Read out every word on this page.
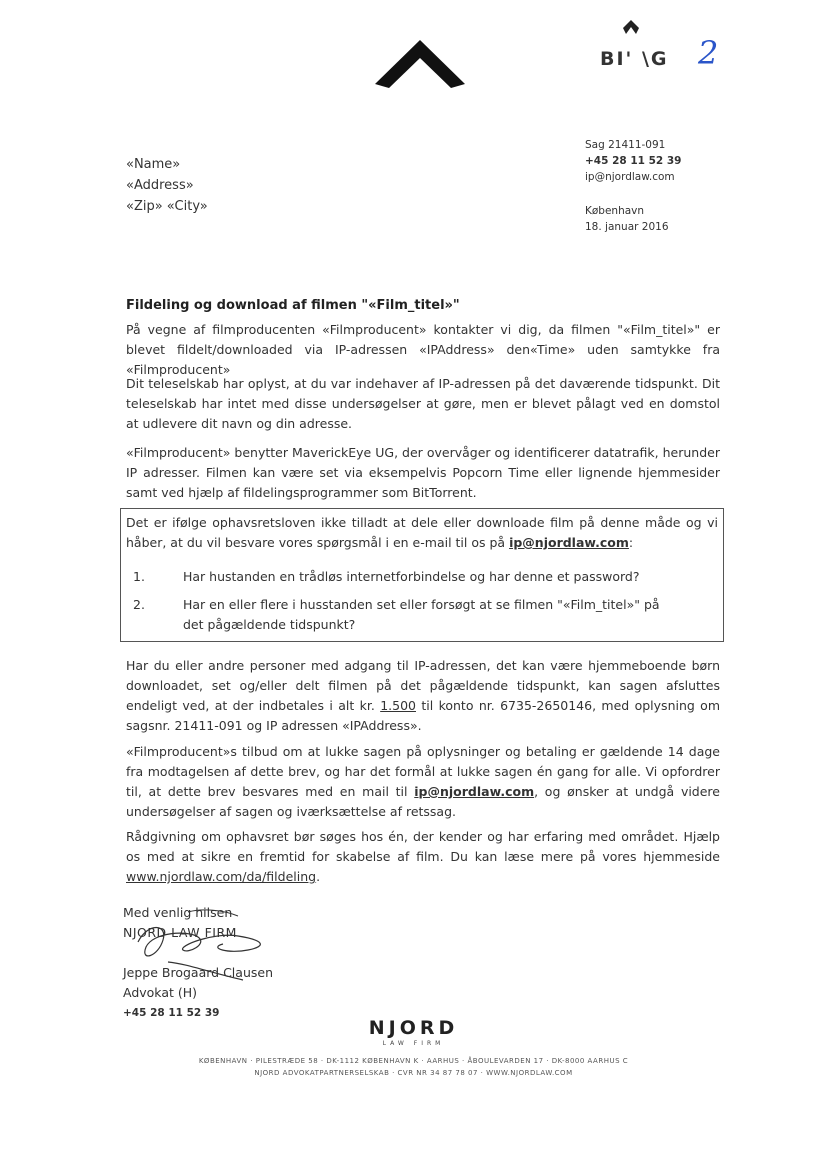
BI' \G 2
«Name»
«Address»
«Zip» «City»
Sag 21411-091
+45 28 11 52 39
ip@njordlaw.com
København
18. januar 2016
Fildeling og download af filmen "«Film_titel»"
På vegne af filmproducenten «Filmproducent» kontakter vi dig, da filmen "«Film_titel»" er blevet fildelt/downloaded via IP-adressen «IPAddress» den«Time» uden samtykke fra «Filmproducent»
Dit teleselskab har oplyst, at du var indehaver af IP-adressen på det daværende tidspunkt. Dit teleselskab har intet med disse undersøgelser at gøre, men er blevet pålagt ved en domstol at udlevere dit navn og din adresse.
«Filmproducent» benytter MaverickEye UG, der overvåger og identificerer datatrafik, herunder IP adresser. Filmen kan være set via eksempelvis Popcorn Time eller lignende hjemmesider samt ved hjælp af fildelingsprogrammer som BitTorrent.
Det er ifølge ophavsretsloven ikke tilladt at dele eller downloade film på denne måde og vi håber, at du vil besvare vores spørgsmål i en e-mail til os på ip@njordlaw.com:
1.	Har hustanden en trådløs internetforbindelse og har denne et password?
2.	Har en eller flere i husstanden set eller forsøgt at se filmen "«Film_titel»" på det pågældende tidspunkt?
Har du eller andre personer med adgang til IP-adressen, det kan være hjemmeboende børn downloadet, set og/eller delt filmen på det pågældende tidspunkt, kan sagen afsluttes endeligt ved, at der indbetales i alt kr. 1.500 til konto nr. 6735-2650146, med oplysning om sagsnr. 21411-091 og IP adressen «IPAddress».
«Filmproducent»s tilbud om at lukke sagen på oplysninger og betaling er gældende 14 dage fra modtagelsen af dette brev, og har det formål at lukke sagen én gang for alle. Vi opfordrer til, at dette brev besvares med en mail til ip@njordlaw.com, og ønsker at undgå videre undersøgelser af sagen og iværksættelse af retssag.
Rådgivning om ophavsret bør søges hos én, der kender og har erfaring med området. Hjælp os med at sikre en fremtid for skabelse af film. Du kan læse mere på vores hjemmeside www.njordlaw.com/da/fildeling.
Med venlig hilsen
NJORD LAW FIRM
Jeppe Brogaard Clausen
Advokat (H)
+45 28 11 52 39
NJORD
LAW FIRM
KØBENHAVN · PILESTRÆDE 58 · DK-1112 KØBENHAVN K · AARHUS · ÅBOULEVARDEN 17 · DK-8000 AARHUS C
NJORD ADVOKATPARTNERSELSKAB · CVR NR 34 87 78 07 · WWW.NJORDLAW.COM
